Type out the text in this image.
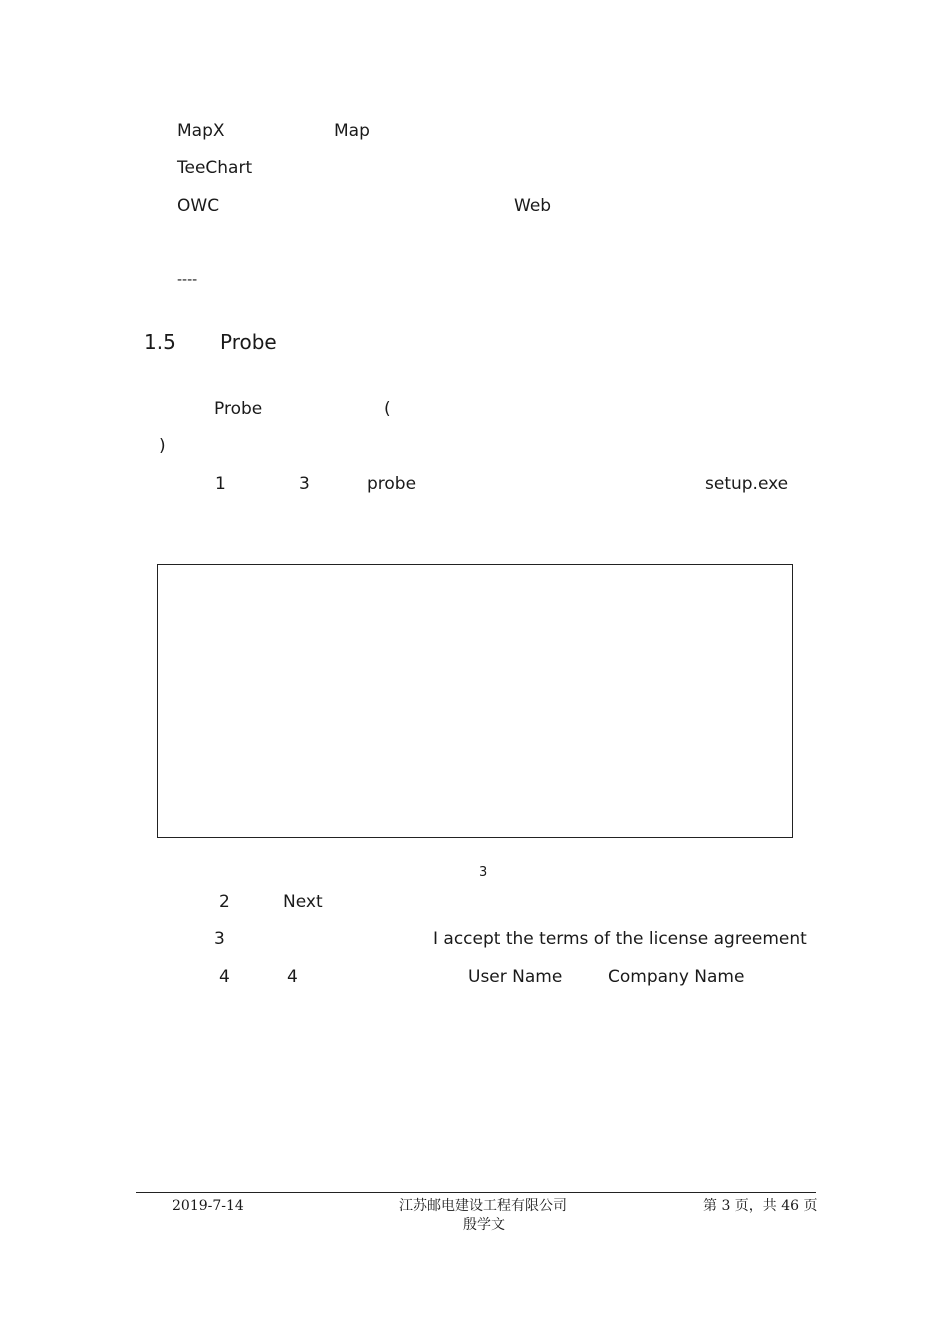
MapX	Map
TeeChart
OWC	Web
----
1.5 Probe
Probe	(
)
1	3	probe	setup.exe
3
2	Next
3	I accept the terms of the license agreement
4	4	User Name	Company Name
2019-7-14	江苏邮电建设工程有限公司
殷学文
第 3 页，共 46 页
